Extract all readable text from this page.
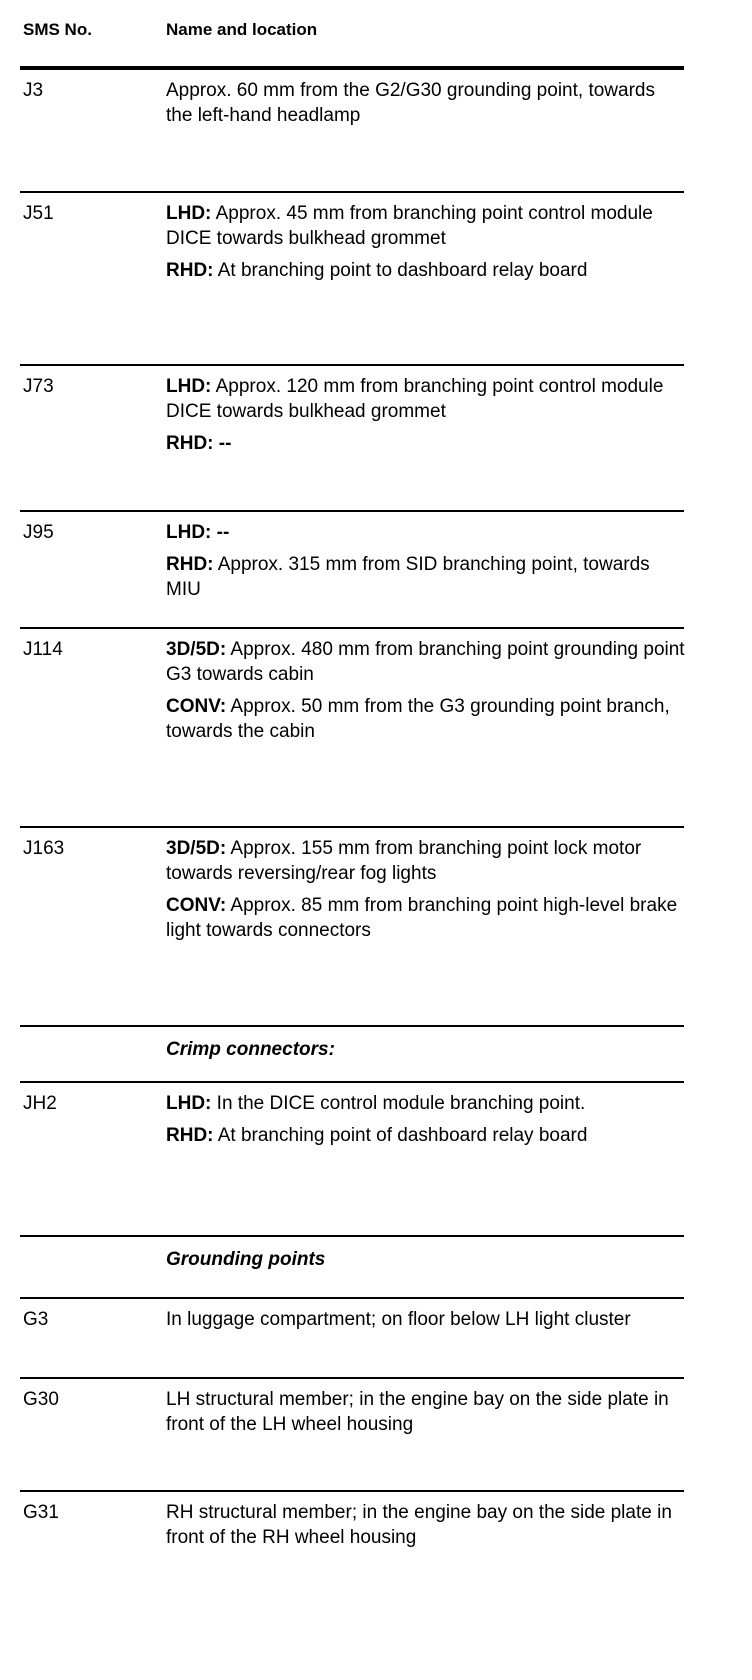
SMS No.	Name and location
J3	Approx. 60 mm from the G2/G30 grounding point, towards the left-hand headlamp
J51	LHD: Approx. 45 mm from branching point control module DICE towards bulkhead grommet
RHD: At branching point to dashboard relay board
J73	LHD: Approx. 120 mm from branching point control module DICE towards bulkhead grommet
RHD: --
J95	LHD: --
RHD: Approx. 315 mm from SID branching point, towards MIU
J114	3D/5D: Approx. 480 mm from branching point grounding point G3 towards cabin
CONV: Approx. 50 mm from the G3 grounding point branch, towards the cabin
J163	3D/5D: Approx. 155 mm from branching point lock motor towards reversing/rear fog lights
CONV: Approx. 85 mm from branching point high-level brake light towards connectors
Crimp connectors:
JH2	LHD: In the DICE control module branching point.
RHD: At branching point of dashboard relay board
Grounding points
G3	In luggage compartment; on floor below LH light cluster
G30	LH structural member; in the engine bay on the side plate in front of the LH wheel housing
G31	RH structural member; in the engine bay on the side plate in front of the RH wheel housing
